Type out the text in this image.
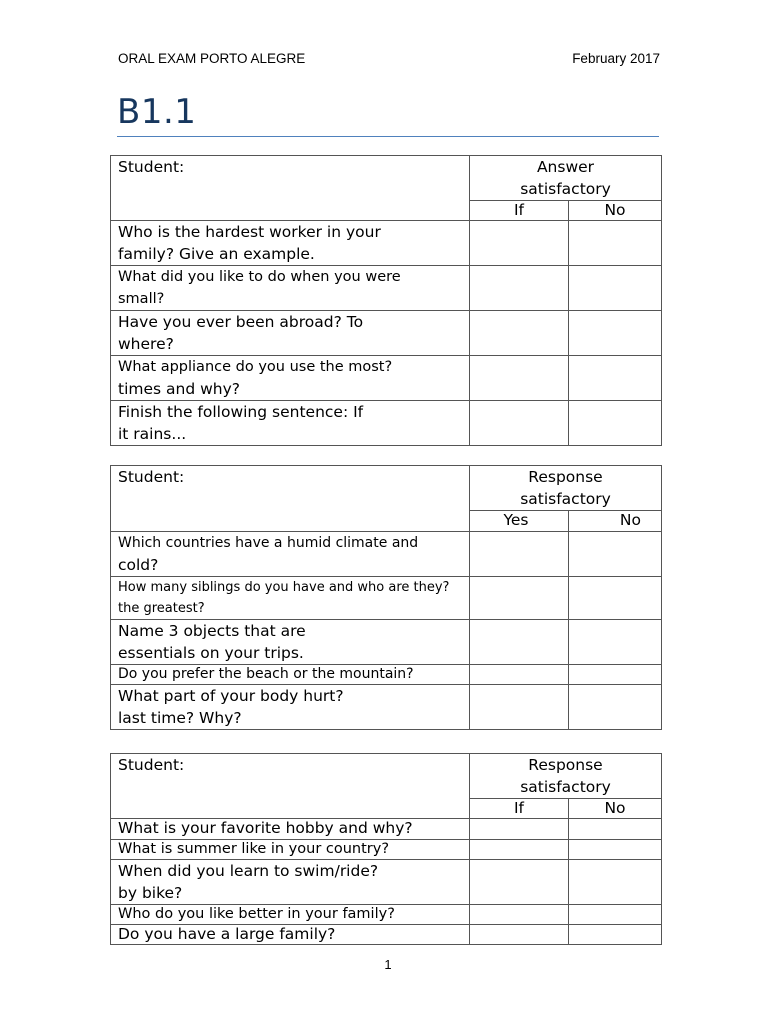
ORAL EXAM PORTO ALEGRE	February 2017
B1.1
Student:	Answer
satisfactory	

	If	No

Who is the hardest worker in your
family? Give an example.		

What did you like to do when you were
small?		

Have you ever been abroad? To
where?		

What appliance do you use the most?
times and why?		

Finish the following sentence: If
it rains...		

Student:	Response
satisfactory	

	Yes	No

Which countries have a humid climate and
cold?		

How many siblings do you have and who are they?
the greatest?		

Name 3 objects that are
essentials on your trips.		

Do you prefer the beach or the mountain?		

What part of your body hurt?
last time? Why?		

Student:	Response
satisfactory	

	If	No

What is your favorite hobby and why?		

What is summer like in your country?		

When did you learn to swim/ride?
by bike?		

Who do you like better in your family?		

Do you have a large family?		

1
